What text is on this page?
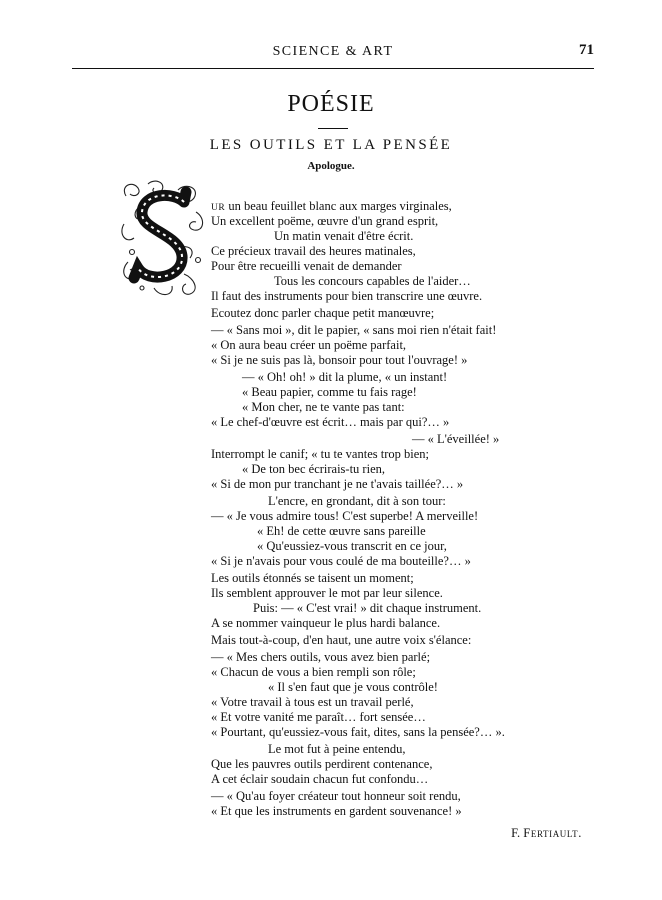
SCIENCE & ART	71
POÉSIE
LES OUTILS ET LA PENSÉE
Apologue.
UR un beau feuillet blanc aux marges virginales,
Un excellent poëme, œuvre d'un grand esprit,
Un matin venait d'être écrit.
Ce précieux travail des heures matinales,
Pour être recueilli venait de demander
Tous les concours capables de l'aider…
Il faut des instruments pour bien transcrire une œuvre.
Ecoutez donc parler chaque petit manœuvre;
— « Sans moi », dit le papier, « sans moi rien n'était fait!
« On aura beau créer un poëme parfait,
« Si je ne suis pas là, bonsoir pour tout l'ouvrage! »
— « Oh! oh! » dit la plume, « un instant!
« Beau papier, comme tu fais rage!
« Mon cher, ne te vante pas tant:
« Le chef-d'œuvre est écrit… mais par qui?… »
— « L'éveillée! »
Interrompt le canif; « tu te vantes trop bien;
« De ton bec écrirais-tu rien,
« Si de mon pur tranchant je ne t'avais taillée?… »
L'encre, en grondant, dit à son tour:
— « Je vous admire tous! C'est superbe! A merveille!
« Eh! de cette œuvre sans pareille
« Qu'eussiez-vous transcrit en ce jour,
« Si je n'avais pour vous coulé de ma bouteille?… »
Les outils étonnés se taisent un moment;
Ils semblent approuver le mot par leur silence.
Puis: — « C'est vrai! » dit chaque instrument.
A se nommer vainqueur le plus hardi balance.
Mais tout-à-coup, d'en haut, une autre voix s'élance:
— « Mes chers outils, vous avez bien parlé;
« Chacun de vous a bien rempli son rôle;
« Il s'en faut que je vous contrôle!
« Votre travail à tous est un travail perlé,
« Et votre vanité me paraît… fort sensée…
« Pourtant, qu'eussiez-vous fait, dites, sans la pensée?… ».
Le mot fut à peine entendu,
Que les pauvres outils perdirent contenance,
A cet éclair soudain chacun fut confondu…
— « Qu'au foyer créateur tout honneur soit rendu,
« Et que les instruments en gardent souvenance! »
F. Fertiault.
